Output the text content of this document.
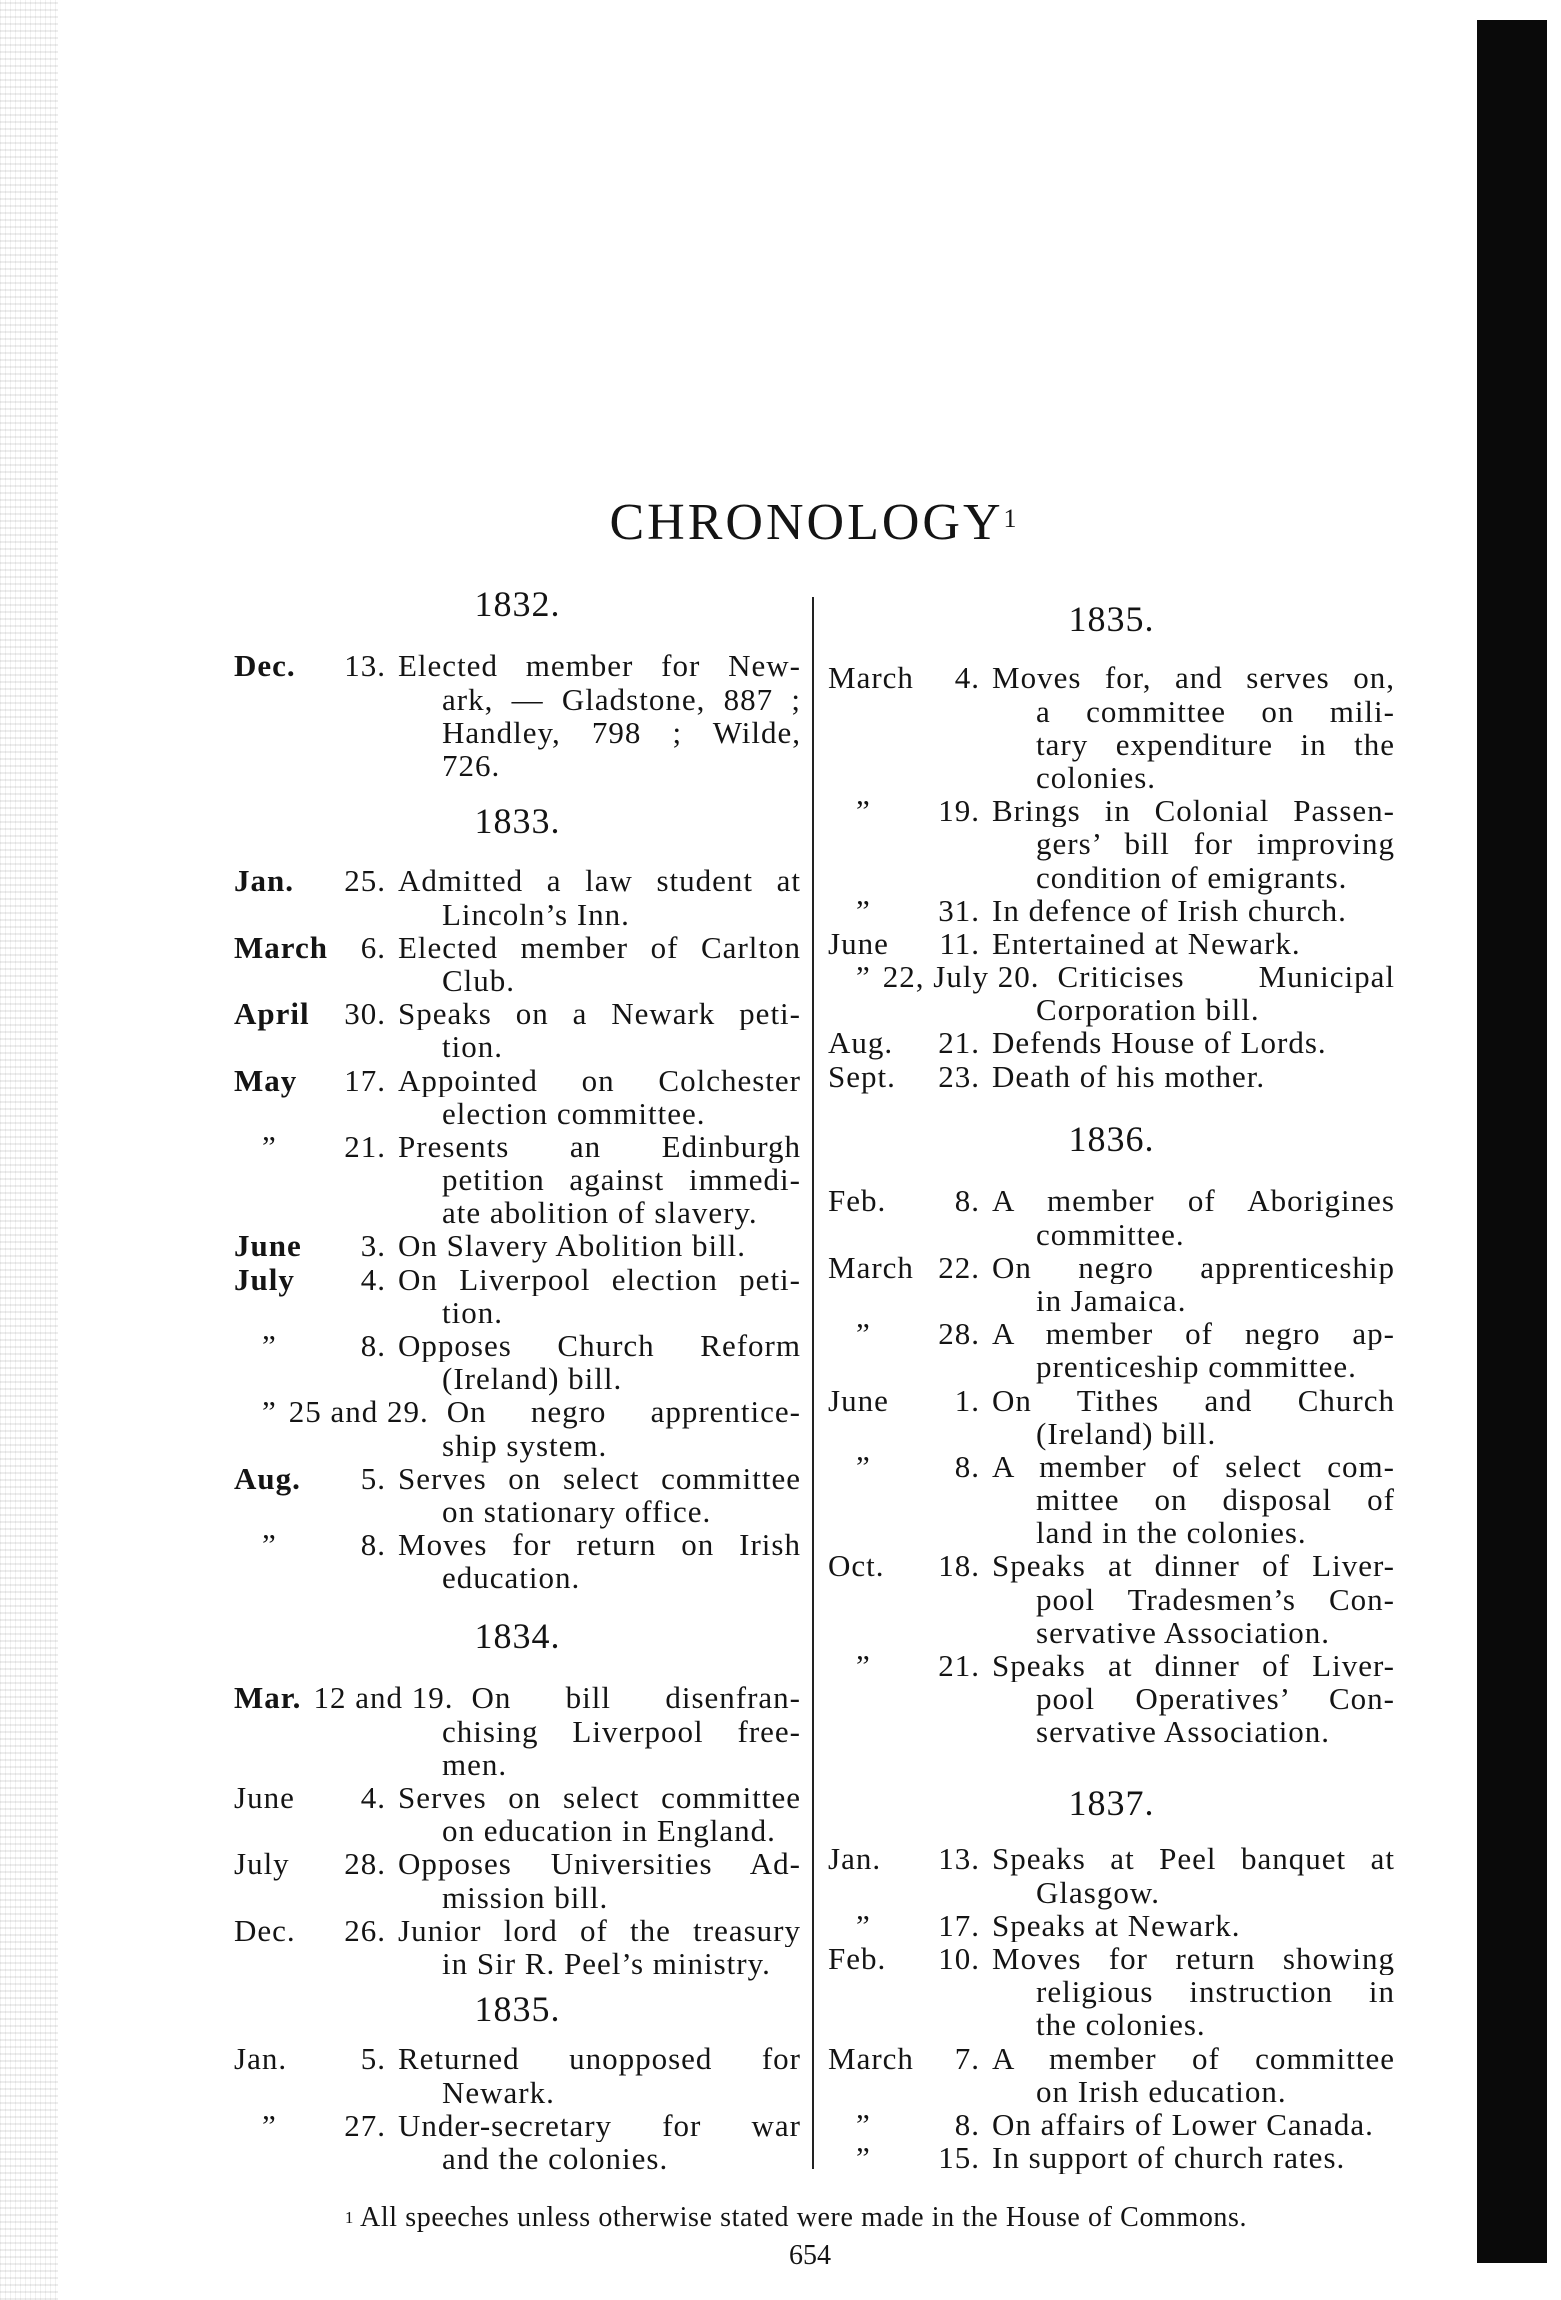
CHRONOLOGY$^1$
1832.
Dec.	13. Elected member for New-
ark, — Gladstone, 887 ;
Handley, 798 ; Wilde,
726.
1833.
Jan.	25. Admitted a law student at
Lincoln’s Inn.
March	6. Elected member of Carlton
Club.
April	30. Speaks on a Newark peti-
tion.
May	17. Appointed on Colchester
election committee.
”	21. Presents an Edinburgh
petition against immedi-
ate abolition of slavery.
June	3. On Slavery Abolition bill.
July	4. On Liverpool election peti-
tion.
”	8. Opposes Church Reform
(Ireland) bill.
” 25 and 29. On negro apprentice-
ship system.
Aug.	5. Serves on select committee
on stationary office.
”	8. Moves for return on Irish
education.
1834.
Mar. 12 and 19. On bill disenfran-
chising Liverpool free-
men.
June	4. Serves on select committee
on education in England.
July	28. Opposes Universities Ad-
mission bill.
Dec.	26. Junior lord of the treasury
in Sir R. Peel’s ministry.
1835.
Jan.	5. Returned unopposed for
Newark.
”	27. Under-secretary for war
and the colonies.
1835.
March	4. Moves for, and serves on,
a committee on mili-
tary expenditure in the
colonies.
”	19. Brings in Colonial Passen-
gers’ bill for improving
condition of emigrants.
”	31. In defence of Irish church.
June	11. Entertained at Newark.
” 22, July 20. Criticises Municipal
Corporation bill.
Aug.	21. Defends House of Lords.
Sept.	23. Death of his mother.
1836.
Feb.	8. A member of Aborigines
committee.
March 22. On negro apprenticeship
in Jamaica.
”	28. A member of negro ap-
prenticeship committee.
June	1. On Tithes and Church
(Ireland) bill.
”	8. A member of select com-
mittee on disposal of
land in the colonies.
Oct.	18. Speaks at dinner of Liver-
pool Tradesmen’s Con-
servative Association.
”	21. Speaks at dinner of Liver-
pool Operatives’ Con-
servative Association.
1837.
Jan.	13. Speaks at Peel banquet at
Glasgow.
”	17. Speaks at Newark.
Feb.	10. Moves for return showing
religious instruction in
the colonies.
March	7. A member of committee
on Irish education.
”	8. On affairs of Lower Canada.
”	15. In support of church rates.
$^1$ All speeches unless otherwise stated were made in the House of Commons.
654
